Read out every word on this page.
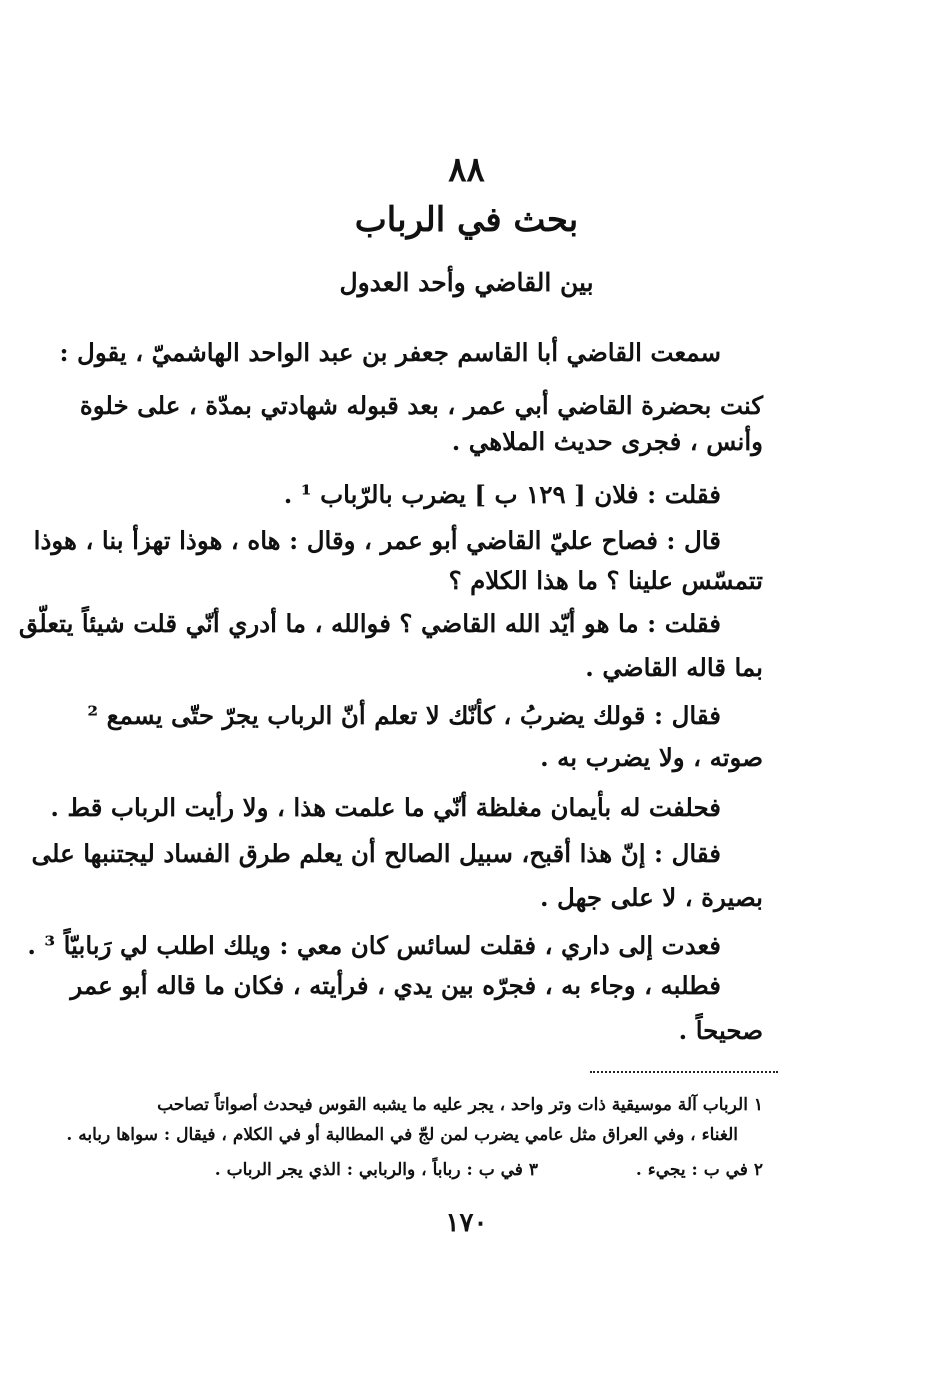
٨٨
بحث في الرباب
بين القاضي وأحد العدول
سمعت القاضي أبا القاسم جعفر بن عبد الواحد الهاشميّ ، يقول :
كنت بحضرة القاضي أبي عمر ، بعد قبوله شهادتي بمدّة ، على خلوة
وأنس ، فجرى حديث الملاهي .
فقلت : فلان [ ١٢٩ ب ] يضرب بالرّباب ¹ .
قال : فصاح عليّ القاضي أبو عمر ، وقال : هاه ، هوذا تهزأ بنا ، هوذا
تتمسّس علينا ؟ ما هذا الكلام ؟
فقلت : ما هو أيّد الله القاضي ؟ فوالله ، ما أدري أنّي قلت شيئاً يتعلّق
بما قاله القاضي .
فقال : قولك يضربُ ، كأنّك لا تعلم أنّ الرباب يجرّ حتّى يسمع ²
صوته ، ولا يضرب به .
فحلفت له بأيمان مغلظة أنّي ما علمت هذا ، ولا رأيت الرباب قط .
فقال : إنّ هذا أقبح، سبيل الصالح أن يعلم طرق الفساد ليجتنبها على
بصيرة ، لا على جهل .
فعدت إلى داري ، فقلت لسائس كان معي : ويلك اطلب لي رَبابيّاً ³ .
فطلبه ، وجاء به ، فجرّه بين يدي ، فرأيته ، فكان ما قاله أبو عمر
صحيحاً .
١ الرباب آلة موسيقية ذات وتر واحد ، يجر عليه ما يشبه القوس فيحدث أصواتاً تصاحب
الغناء ، وفي العراق مثل عامي يضرب لمن لجّ في المطالبة أو في الكلام ، فيقال : سواها ربابه .
٢ في ب : يجيء .
٣ في ب : رباباً ، والربابي : الذي يجر الرباب .
١٧٠
